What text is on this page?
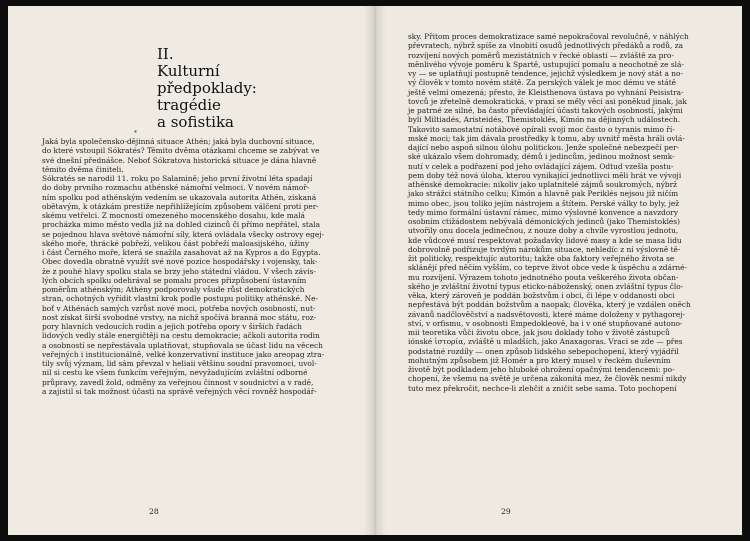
II.
Kulturní
předpoklady:
tragédie
a sofistika
*
Jaká byla společensko-dějinná situace Athén; jaká byla duchovní situace,
do které vstoupil Sókratés? Těmito dvěma otázkami chceme se zabývat ve
své dnešní přednášce. Neboť Sókratova historická situace je dána hlavně
těmito dvěma činiteli.
Sókratés se narodil 11. roku po Salamině; jeho první životní léta spadají
do doby prvního rozmachu athénské námořní velmoci. V novém námoř-
ním spolku pod athénským vedením se ukazovala autorita Athén, získaná
obětavým, k otázkám prestiže nepřihlížejícím způsobem válčení proti per-
skému vetřelci. Z mocností omezeného mocenského dosahu, kde malá
procházka mimo město vedla již na dohled cizinců či přímo nepřátel, stala
se pojednou hlava světové námořní síly, která ovládala všecky ostrovy egej-
ského moře, thrácké pobřeží, velikou část pobřeží maloasijského, úžiny
i část Černého moře, která se snažila zasahovat až na Kypros a do Egypta.
Obec dovedla obratně využít své nové pozice hospodářsky i vojensky, tak-
že z pouhé hlavy spolku stala se brzy jeho státední vládou. V všech závis-
lých obcích spolku odehrával se pomalu proces přizpůsobení ústavním
poměrům athénským; Athény podporovaly všude růst demokratických
stran, ochotných vyřídit vlastní krok podle postupu politiky athénské. Ne-
boť v Athénách samých vzrůst nové moci, potřeba nových osobností, nut-
nost získat širší svobodné vrstvy, na nichž spočívá branná moc státu, roz-
pory hlavních vedoucích rodin a jejich potřeba opory v širších řadách
lidových vedly stále energičtěji na cestu demokracie; ačkoli autorita rodin
a osobností se nepřestávala uplatňovat, stupňovala se účast lidu na věcech
veřejných i institucionálně, velké konzervativní instituce jako areopag ztra-
tily svůj význam, lid sám převzal v heliaii většinu soudní pravomoci, uvol-
nil si cestu ke všem funkcím veřejným, nevyžadujícím zvláštní odborné
průpravy, zavedl žold, odměny za veřejnou činnost v soudnictví a v radě,
a zajistil si tak možnost účasti na správě veřejných věcí rovněž hospodář-
28
sky. Přitom proces demokratizace samé nepokračoval revolučně, v náhlých
převratech, nýbrž spíše za vlnobití osudů jednotlivých předáků a rodů, za
rozvíjení nových poměrů mezistátních v řecké oblasti — zvláště za pro-
měnlivého vývoje poměru k Spartě, ustupující pomalu a neochotně ze slá-
vy — se uplatňují postupně tendence, jejichž výsledkem je nový stát a no-
vý člověk v tomto novém státě. Za perských válek je moc dému ve státě
ještě velmi omezená; přesto, že Kleisthenova ústava po vyhnání Peisistra-
tovců je zřetelně demokratická, v praxi se měly věci asi poněkud jinak, jak
je patrné ze silné, ba často převládající účasti takových osobností, jakými
byli Miltiadés, Aristeidés, Themistoklés, Kimón na dějinných událostech.
Takovito samostatní notábové opírali svoji moc často o tyranis mimo ří-
mské moci; tak jim dávala prostředky k tomu, aby uvnitř města hráli ovlá-
dající nebo aspoň silnou úlohu politickou. Jenže společné nebezpečí per-
ské ukázalo všem dohromady, démů i jedincům, jedinou možnost semk-
nutí v celek a podřazení pod jeho ovládající zájem. Odtud vzešla postu-
pem doby též nová úloha, kterou vynikající jednotlivci měli hrát ve vývoji
athénské demokracie: nikoliv jako uplatnitelé zájmů soukromých, nýbrž
jako strážci státního celku; Kimón a hlavně pak Periklés nejsou již ničím
mimo obec, jsou toliko jejím nástrojem a štítem. Perské války to byly, jež
tedy mimo formální ústavní rámec, mimo výslovné konvence a navzdory
osobním ctižádostem nebývalá démonických jedinců (jako Themistoklés)
utvořily onu docela jedinečnou, z nouze doby a chvíle vyrostlou jednotu,
kde vůdcové musí respektovat požadavky lidové masy a kde se masa lidu
dobrovolně podřizuje tvrdým nárokům situace, nehledíc z ní výslovně tě-
žit politicky, respektujíc autoritu; takže oba faktory veřejného života se
sklánějí před něčím vyšším, co teprve život obce vede k úspěchu a zdárné-
mu rozvíjení. Výrazem tohoto jednotného pouta veškerého života občan-
ského je zvláštní životní typus eticko-náboženský, onen zvláštní typus člo-
věka, který zároveň je poddán božstvům i obci, či lépe v oddanosti obci
nepřestává být poddán božstvům a naopak; člověka, který je vzdálen oněch
závanů nadčlověčství a nadsvětovosti, které máme doloženy v pythagorej-
ství, v orfismu, v osobnosti Empedokleově, ba i v oné stupňované autono-
mii teoretika vůči životu obce, jak jsou doklady toho v životě zástupců
iónské ἱστορία, zvláště u mladších, jako Anaxagoras. Vraci se zde — přes
podstatné rozdíly — onen způsob lidského sebepochopení, který vyjádřil
mohutným způsobem již Homér a pro který musel v řeckém duševním
životě být podkladem jeho hluboké ohrožení opačnými tendencemi: po-
chopení, že všemu na světě je určena zákonitá mez, že člověk nesmí nikdy
tuto mez překročit, nechce-li zlehčit a zničit sebe sama. Toto pochopení
29
